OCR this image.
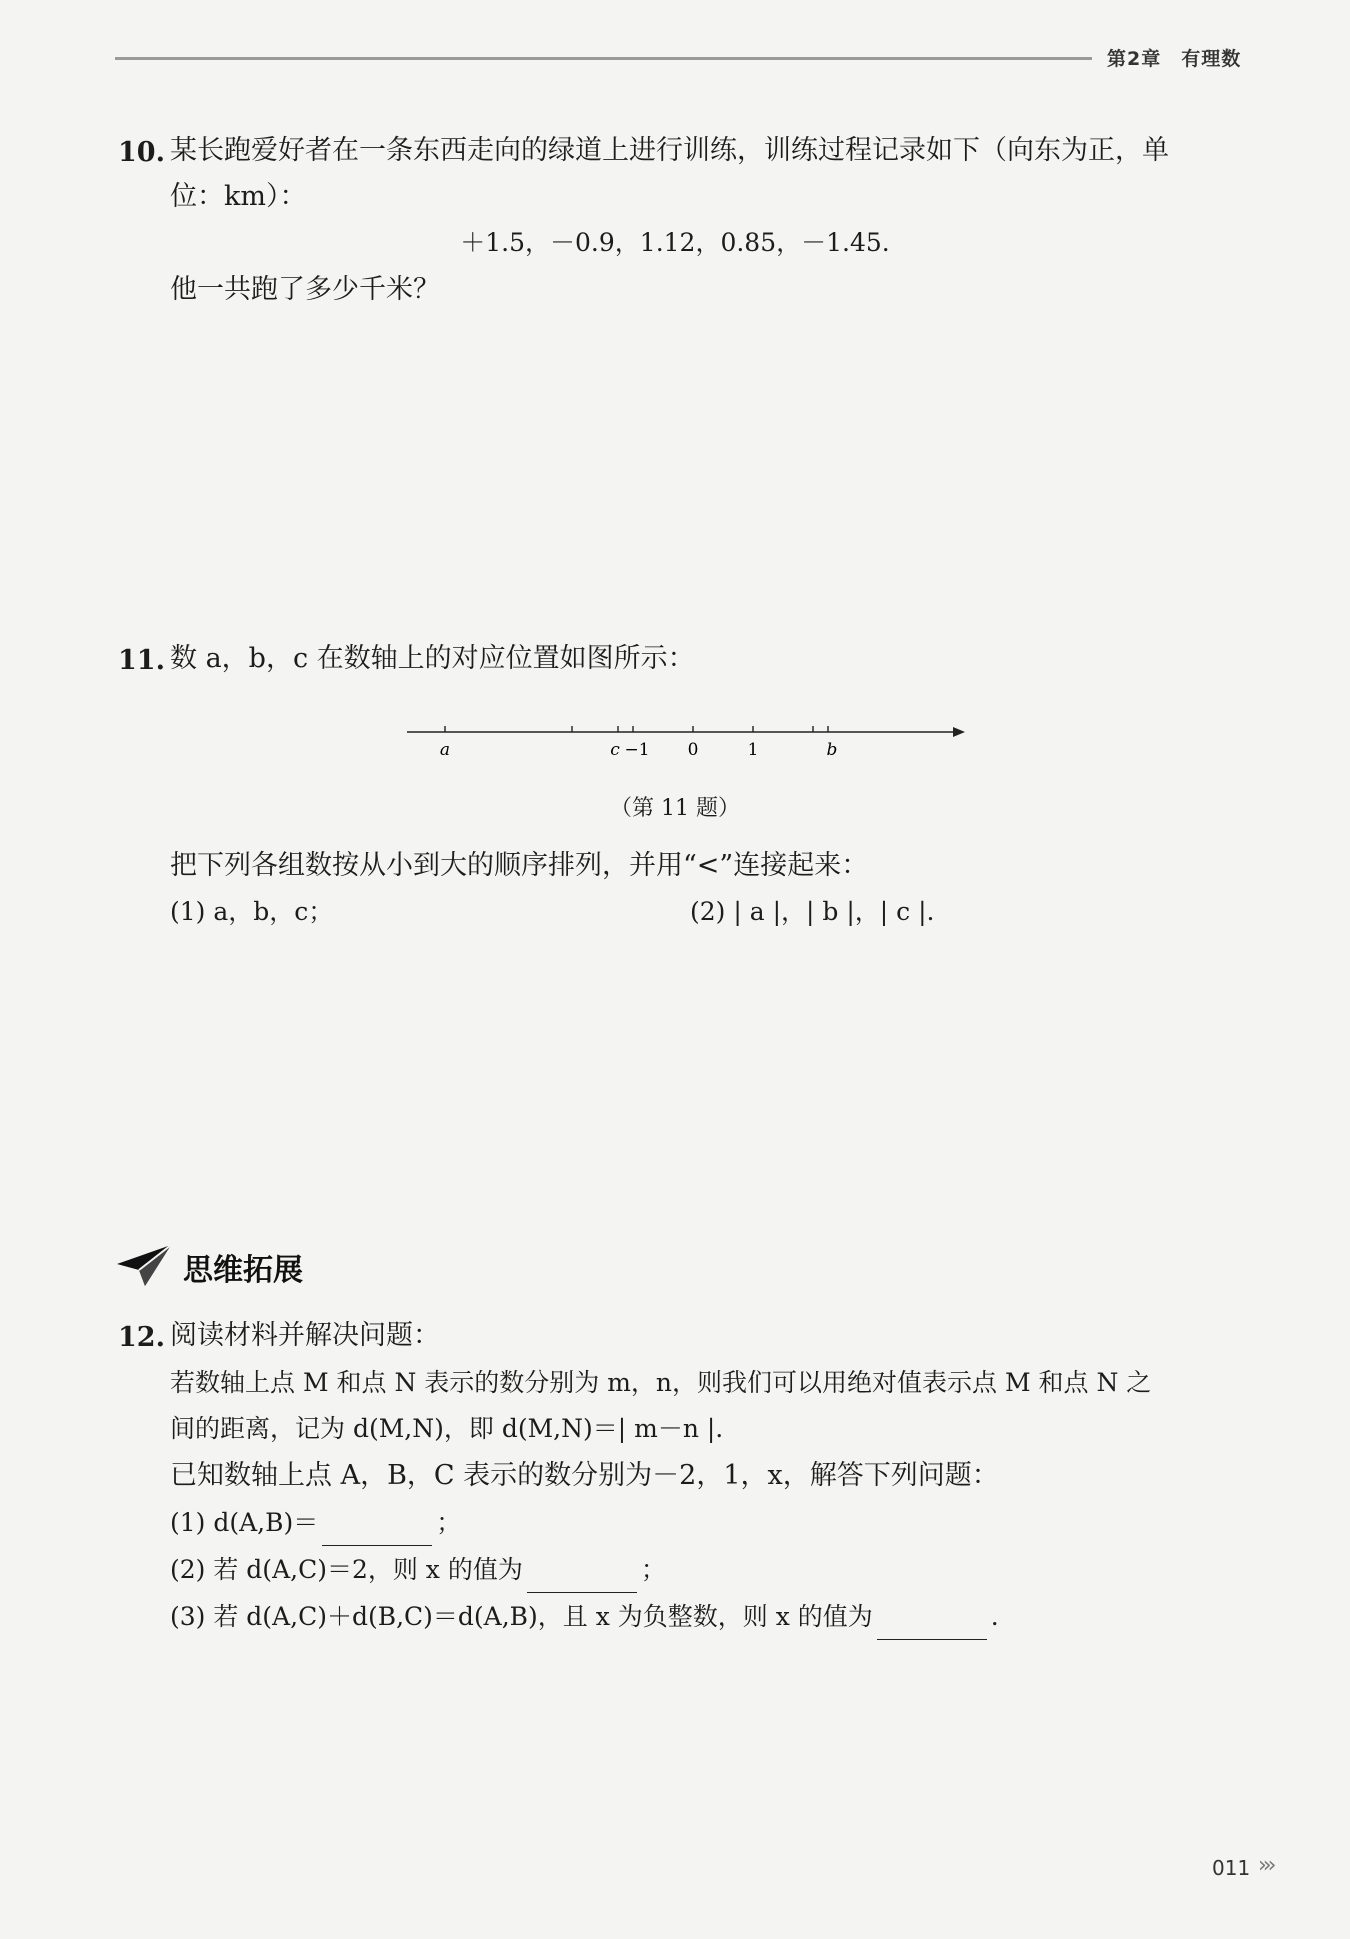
第2章　有理数
10. 某长跑爱好者在一条东西走向的绿道上进行训练，训练过程记录如下（向东为正，单
位：km）：
＋1.5，－0.9，1.12，0.85，－1.45.
他一共跑了多少千米？
11. 数 a，b，c 在数轴上的对应位置如图所示：
a	c −1 0	1	b
（第 11 题）
把下列各组数按从小到大的顺序排列，并用“<”连接起来：
(1) a，b，c；	(2) | a |，| b |，| c |.
思维拓展
12. 阅读材料并解决问题：
若数轴上点 M 和点 N 表示的数分别为 m，n，则我们可以用绝对值表示点 M 和点 N 之
间的距离，记为 d(M,N)，即 d(M,N)＝| m－n |.
已知数轴上点 A，B，C 表示的数分别为－2，1，x，解答下列问题：
(1) d(A,B)＝	；
(2) 若 d(A,C)＝2，则 x 的值为	；
(3) 若 d(A,C)＋d(B,C)＝d(A,B)，且 x 为负整数，则 x 的值为	.
011 ›››
